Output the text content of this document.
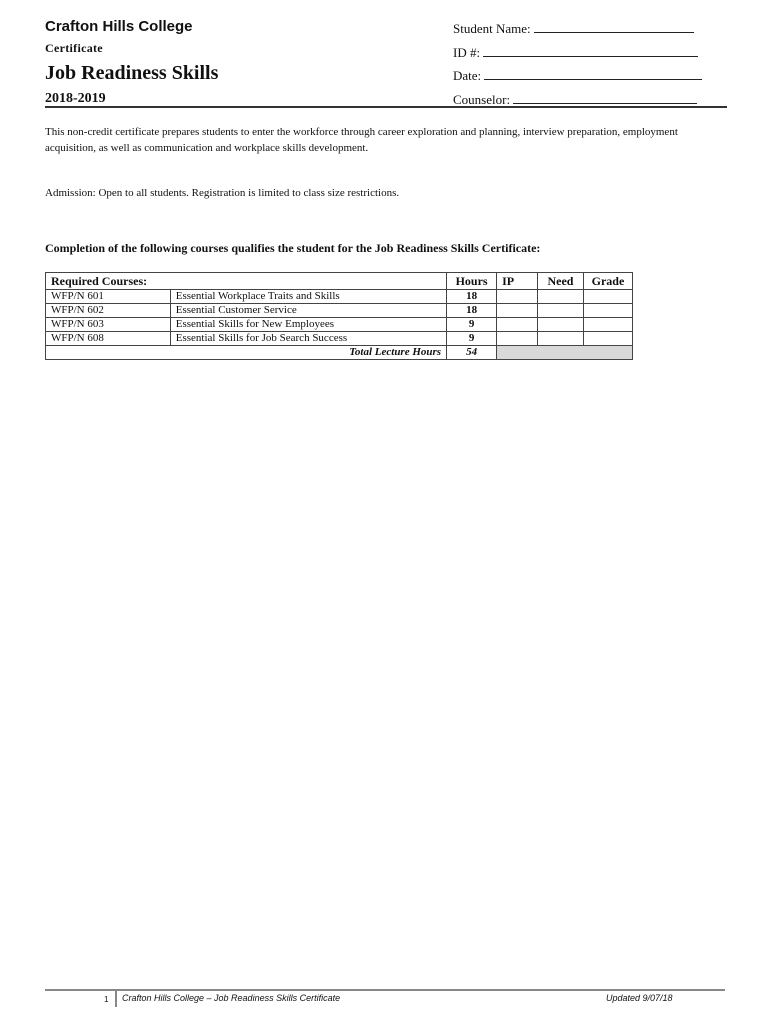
Crafton Hills College
Certificate
Job Readiness Skills
2018-2019
Student Name:
ID #:
Date:
Counselor:
This non-credit certificate prepares students to enter the workforce through career exploration and planning, interview preparation, employment acquisition, as well as communication and workplace skills development.
Admission: Open to all students. Registration is limited to class size restrictions.
Completion of the following courses qualifies the student for the Job Readiness Skills Certificate:
Required Courses:		Hours	IP	Need	Grade
WFP/N 601	Essential Workplace Traits and Skills	18			
WFP/N 602	Essential Customer Service	18			
WFP/N 603	Essential Skills for New Employees	9			
WFP/N 608	Essential Skills for Job Search Success	9			
Total Lecture Hours		54			
1 Crafton Hills College – Job Readiness Skills Certificate	Updated 9/07/18
